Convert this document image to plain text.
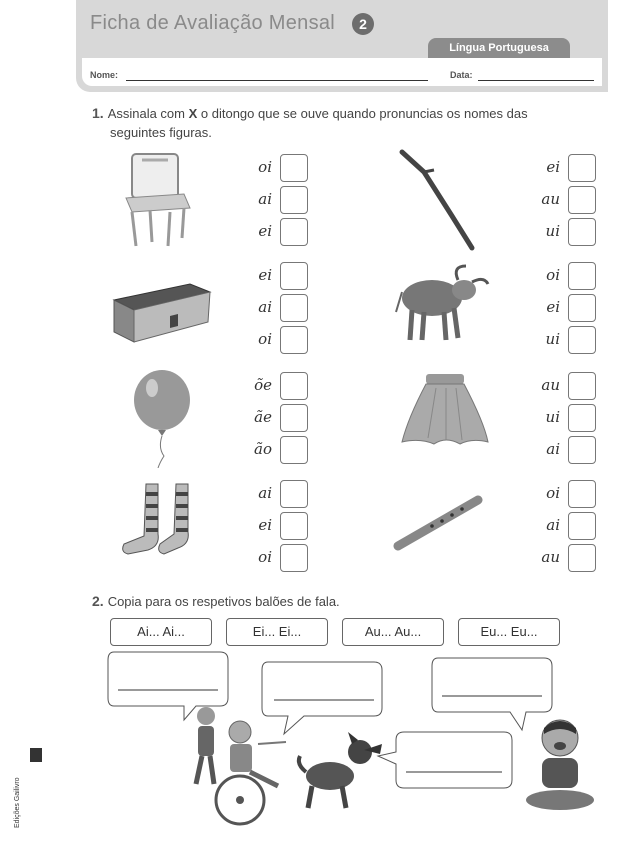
Ficha de Avaliação Mensal	2
Língua Portuguesa
Nome:	Data:
1. Assinala com X o ditongo que se ouve quando pronuncias os nomes das
seguintes figuras.
oi
ai
ei
ei
au
ui
ei
ai
oi
oi
ei
ui
õe
ãe
ão
au
ui
ai
ai
ei
oi
oi
ai
au
2. Copia para os respetivos balões de fala.
Ai... Ai...	Ei... Ei...	Au... Au...	Eu... Eu...
Edições Gailivro
